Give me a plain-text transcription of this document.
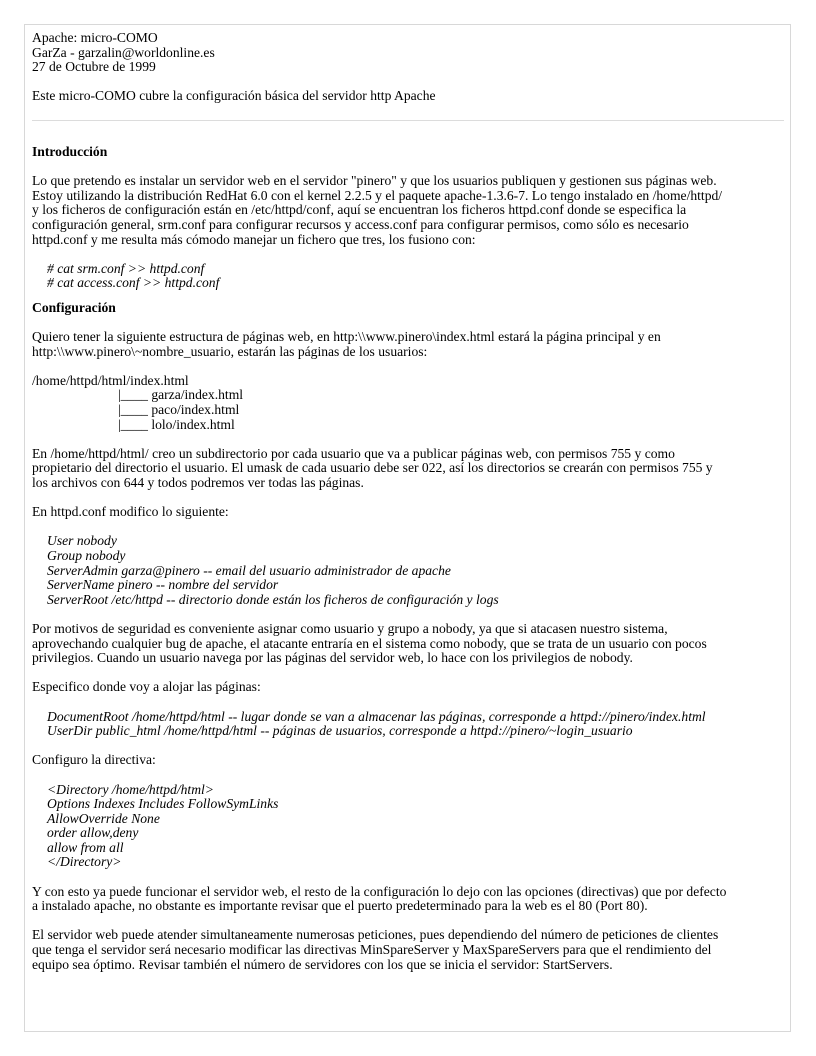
Apache: micro-COMO

GarZa - garzalin@worldonline.es

27 de Octubre de 1999

Este micro-COMO cubre la configuración básica del servidor http Apache

Introducción

Lo que pretendo es instalar un servidor web en el servidor "pinero" y que los usuarios publiquen y gestionen sus páginas web.

Estoy utilizando la distribución RedHat 6.0 con el kernel 2.2.5 y el paquete apache-1.3.6-7. Lo tengo instalado en /home/httpd/

y los ficheros de configuración están en /etc/httpd/conf, aquí se encuentran los ficheros httpd.conf donde se especifica la

configuración general, srm.conf para configurar recursos y access.conf para configurar permisos, como sólo es necesario

httpd.conf y me resulta más cómodo manejar un fichero que tres, los fusiono con:

# cat srm.conf >> httpd.conf

# cat access.conf >> httpd.conf

Configuración

Quiero tener la siguiente estructura de páginas web, en http:\\www.pinero\index.html estará la página principal y en

http:\\www.pinero\~nombre_usuario, estarán las páginas de los usuarios:

/home/httpd/html/index.html

|____ garza/index.html

|____ paco/index.html

|____ lolo/index.html

En /home/httpd/html/ creo un subdirectorio por cada usuario que va a publicar páginas web, con permisos 755 y como

propietario del directorio el usuario. El umask de cada usuario debe ser 022, así los directorios se crearán con permisos 755 y

los archivos con 644 y todos podremos ver todas las páginas.

En httpd.conf modifico lo siguiente:

User nobody

Group nobody

ServerAdmin garza@pinero -- email del usuario administrador de apache

ServerName pinero -- nombre del servidor

ServerRoot /etc/httpd -- directorio donde están los ficheros de configuración y logs

Por motivos de seguridad es conveniente asignar como usuario y grupo a nobody, ya que si atacasen nuestro sistema,

aprovechando cualquier bug de apache, el atacante entraría en el sistema como nobody, que se trata de un usuario con pocos

privilegios. Cuando un usuario navega por las páginas del servidor web, lo hace con los privilegios de nobody.

Especifico donde voy a alojar las páginas:

DocumentRoot /home/httpd/html -- lugar donde se van a almacenar las páginas, corresponde a httpd://pinero/index.html

UserDir public_html /home/httpd/html -- páginas de usuarios, corresponde a httpd://pinero/~login_usuario

Configuro la directiva:

<Directory /home/httpd/html>

Options Indexes Includes FollowSymLinks

AllowOverride None

order allow,deny

allow from all

</Directory>

Y con esto ya puede funcionar el servidor web, el resto de la configuración lo dejo con las opciones (directivas) que por defecto

a instalado apache, no obstante es importante revisar que el puerto predeterminado para la web es el 80 (Port 80).

El servidor web puede atender simultaneamente numerosas peticiones, pues dependiendo del número de peticiones de clientes

que tenga el servidor será necesario modificar las directivas MinSpareServer y MaxSpareServers para que el rendimiento del

equipo sea óptimo. Revisar también el número de servidores con los que se inicia el servidor: StartServers.
